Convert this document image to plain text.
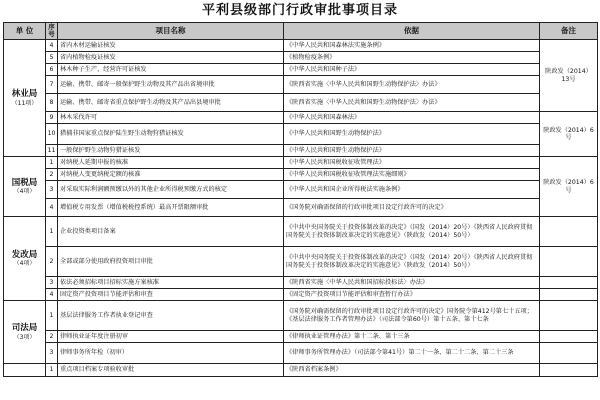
平利县级部门行政审批事项目录
单 位	序号	项目名称	依据	备注
林业局
（11项）	4	省内木材运输证核发	《中华人民共和国森林法实施条例》	陕政发（2014）13号
	5	省内植物检疫证核发	《植物检疫条例》	
	6	林木种子生产、经营许可证核发	《中华人民共和国种子法》	
	7	运输、携带、邮寄一般保护野生动物及其产品出省境审批	《陕西省实施〈中华人民共和国野生动物保护法〉办法》	
	8	运输、携带、邮寄省重点保护野生动物及其产品出县境审批	《陕西省实施〈中华人民共和国野生动物保护法〉办法》	
	9	林木采伐许可	《中华人民共和国森林法》	陕政发（2014）6号
	10	猎捕非国家重点保护陆生野生动物狩猎证核发	《中华人民共和国野生动物保护法》	
	11	一般保护野生动物狩猎证核发	《中华人民共和国野生动物保护法》	
国税局
（4项）	1	对纳税人延期申报的核准	《中华人民共和国税收征收管理法》	陕政发（2014）6号
	2	对纳税人变更纳税定额的核准	《中华人民共和国税收征收管理法实施细则》	
	3	对采取实际利润额预缴以外的其他企业所得税预缴方式的核定	《中华人民共和国企业所得税法实施条例》	
	4	增值税专用发票（增值税税控系统）最高开票限额审批	《国务院对确需保留的行政审批项目设定行政许可的决定》	
发改局
（4项）	1	企业投资类项目备案	《中共中央国务院关于投资体制改革的决定》（国发（2014）20号）《陕西省人民政府贯彻国务院关于投资体制改革决定的实施意见》（陕政发（2014）50号）	
	2	全部或部分使用政府投资项目审批	《中共中央国务院关于投资体制改革的决定》（国发（2014）20号）《陕西省人民政府贯彻国务院关于投资体制改革决定的实施意见》（陕政发（2014）50号）	
	3	依法必须招标项目招标实施方案核准	《陕西省实施〈中华人民共和国招标投标法〉办法》	
	4	固定资产投资项目节能评估和审查	《固定资产投资项目节能评估和审查暂行办法》	
司法局
（3项）	1	基层法律服务工作者执业登记审查	《国务院对确需保留的行政审批项目设定行政许可的决定》国务院令第412号第七十五项；《基层法律服务工作者管理办法》（司法部令第60号）第十五条、第十七条	
	2	律师执业证年度注册初审	《律师执业证管理办法》第十二条、第十三条	
	3	律师事务所年检（初审）	《律师事务所管理办法》（司法部令第41号）第二十一条、第二十二条、第二十三条	
	1	重点项目档案专项验收审批	《陕西省档案条例》	
